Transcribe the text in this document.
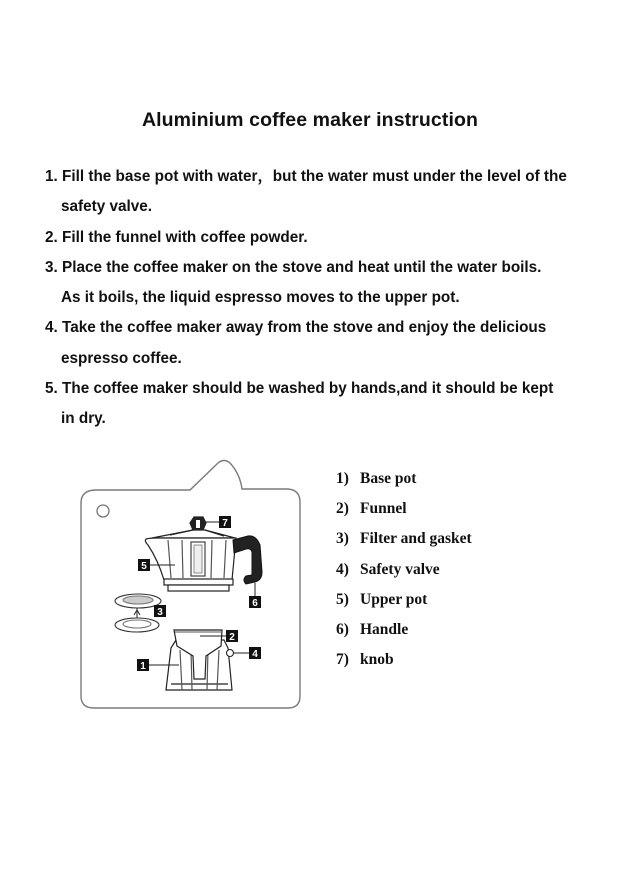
Aluminium coffee maker instruction
1. Fill the base pot with water，but the water must under the level of the
safety valve.
2. Fill the funnel with coffee powder.
3. Place the coffee maker on the stove and heat until the water boils.
As it boils, the liquid espresso moves to the upper pot.
4. Take the coffee maker away from the stove and enjoy the delicious
espresso coffee.
5. The coffee maker should be washed by hands,and it should be kept
in dry.
7
5
6
3
2
4
1
1) Base pot
2) Funnel
3) Filter and gasket
4) Safety valve
5) Upper pot
6) Handle
7) knob
